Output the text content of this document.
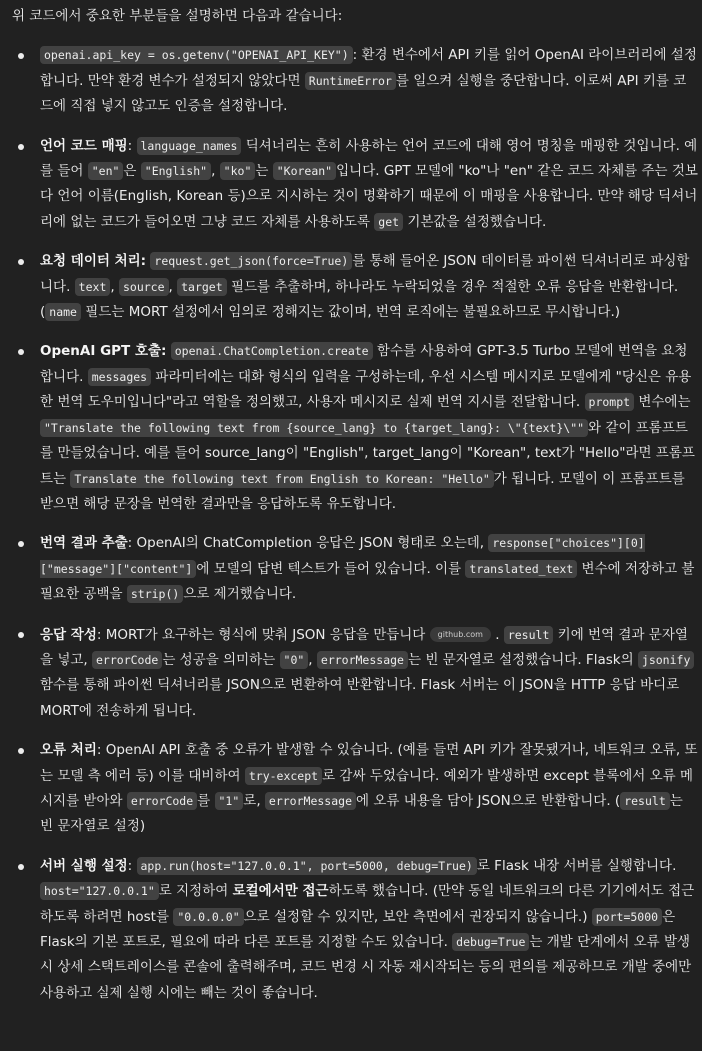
위 코드에서 중요한 부분들을 설명하면 다음과 같습니다:

openai.api_key = os.getenv("OPENAI_API_KEY") : 환경 변수에서 API 키를 읽어 OpenAI 라이브러리에 설정합니다. 만약 환경 변수가 설정되지 않았다면 RuntimeError 를 일으켜 실행을 중단합니다. 이로써 API 키를 코드에 직접 넣지 않고도 인증을 설정합니다.
언어 코드 매핑: language_names 딕셔너리는 흔히 사용하는 언어 코드에 대해 영어 명칭을 매핑한 것입니다. 예를 들어 "en" 은 "English" , "ko" 는 "Korean" 입니다. GPT 모델에 "ko"나 "en" 같은 코드 자체를 주는 것보다 언어 이름(English, Korean 등)으로 지시하는 것이 명확하기 때문에 이 매핑을 사용합니다. 만약 해당 딕셔너리에 없는 코드가 들어오면 그냥 코드 자체를 사용하도록 get 기본값을 설정했습니다.
요청 데이터 처리: request.get_json(force=True) 를 통해 들어온 JSON 데이터를 파이썬 딕셔너리로 파싱합니다. text , source , target 필드를 추출하며, 하나라도 누락되었을 경우 적절한 오류 응답을 반환합니다. ( name 필드는 MORT 설정에서 임의로 정해지는 값이며, 번역 로직에는 불필요하므로 무시합니다.)
OpenAI GPT 호출: openai.ChatCompletion.create 함수를 사용하여 GPT-3.5 Turbo 모델에 번역을 요청합니다. messages 파라미터에는 대화 형식의 입력을 구성하는데, 우선 시스템 메시지로 모델에게 "당신은 유용한 번역 도우미입니다"라고 역할을 정의했고, 사용자 메시지로 실제 번역 지시를 전달합니다. prompt 변수에는 "Translate the following text from {source_lang} to {target_lang}: \"{text}\"" 와 같이 프롬프트를 만들었습니다. 예를 들어 source_lang이 "English", target_lang이 "Korean", text가 "Hello"라면 프롬프트는 Translate the following text from English to Korean: "Hello" 가 됩니다. 모델이 이 프롬프트를 받으면 해당 문장을 번역한 결과만을 응답하도록 유도합니다.
번역 결과 추출: OpenAI의 ChatCompletion 응답은 JSON 형태로 오는데, response["choices"][0]["message"]["content"] 에 모델의 답변 텍스트가 들어 있습니다. 이를 translated_text 변수에 저장하고 불필요한 공백을 strip() 으로 제거했습니다.
응답 작성: MORT가 요구하는 형식에 맞춰 JSON 응답을 만듭니다 github.com . result 키에 번역 결과 문자열을 넣고, errorCode 는 성공을 의미하는 "0" , errorMessage 는 빈 문자열로 설정했습니다. Flask의 jsonify 함수를 통해 파이썬 딕셔너리를 JSON으로 변환하여 반환합니다. Flask 서버는 이 JSON을 HTTP 응답 바디로 MORT에 전송하게 됩니다.
오류 처리: OpenAI API 호출 중 오류가 발생할 수 있습니다. (예를 들면 API 키가 잘못됐거나, 네트워크 오류, 또는 모델 측 에러 등) 이를 대비하여 try-except 로 감싸 두었습니다. 예외가 발생하면 except 블록에서 오류 메시지를 받아와 errorCode 를 "1" 로, errorMessage 에 오류 내용을 담아 JSON으로 반환합니다. ( result 는 빈 문자열로 설정)
서버 실행 설정: app.run(host="127.0.0.1", port=5000, debug=True) 로 Flask 내장 서버를 실행합니다. host="127.0.0.1" 로 지정하여 로컬에서만 접근하도록 했습니다. (만약 동일 네트워크의 다른 기기에서도 접근하도록 하려면 host를 "0.0.0.0" 으로 설정할 수 있지만, 보안 측면에서 권장되지 않습니다.) port=5000 은 Flask의 기본 포트로, 필요에 따라 다른 포트를 지정할 수도 있습니다. debug=True 는 개발 단계에서 오류 발생 시 상세 스택트레이스를 콘솔에 출력해주며, 코드 변경 시 자동 재시작되는 등의 편의를 제공하므로 개발 중에만 사용하고 실제 실행 시에는 빼는 것이 좋습니다.
